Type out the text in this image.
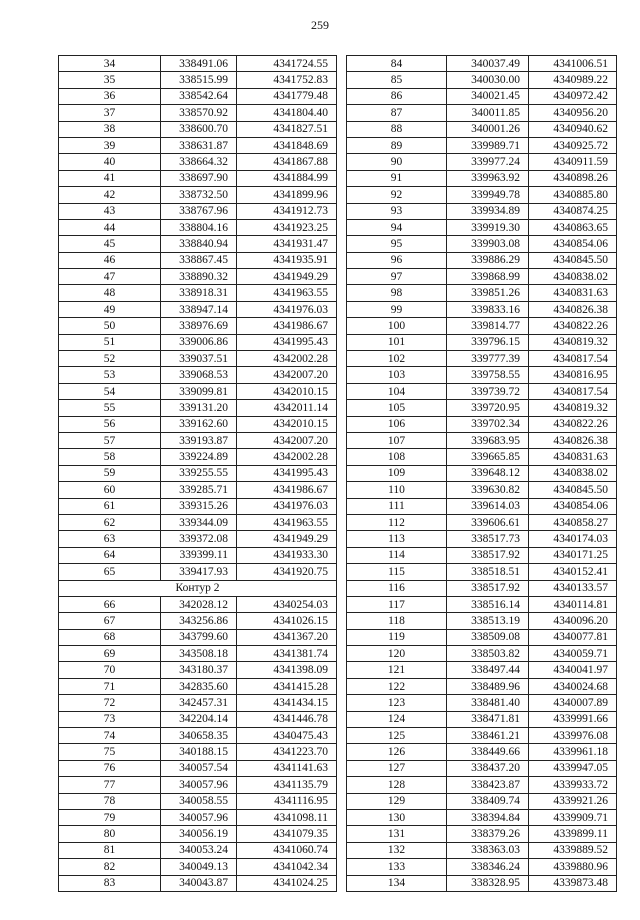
259
34	338491.06	4341724.55
35	338515.99	4341752.83
36	338542.64	4341779.48
37	338570.92	4341804.40
38	338600.70	4341827.51
39	338631.87	4341848.69
40	338664.32	4341867.88
41	338697.90	4341884.99
42	338732.50	4341899.96
43	338767.96	4341912.73
44	338804.16	4341923.25
45	338840.94	4341931.47
46	338867.45	4341935.91
47	338890.32	4341949.29
48	338918.31	4341963.55
49	338947.14	4341976.03
50	338976.69	4341986.67
51	339006.86	4341995.43
52	339037.51	4342002.28
53	339068.53	4342007.20
54	339099.81	4342010.15
55	339131.20	4342011.14
56	339162.60	4342010.15
57	339193.87	4342007.20
58	339224.89	4342002.28
59	339255.55	4341995.43
60	339285.71	4341986.67
61	339315.26	4341976.03
62	339344.09	4341963.55
63	339372.08	4341949.29
64	339399.11	4341933.30
65	339417.93	4341920.75
Контур 2		
66	342028.12	4340254.03
67	343256.86	4341026.15
68	343799.60	4341367.20
69	343508.18	4341381.74
70	343180.37	4341398.09
71	342835.60	4341415.28
72	342457.31	4341434.15
73	342204.14	4341446.78
74	340658.35	4340475.43
75	340188.15	4341223.70
76	340057.54	4341141.63
77	340057.96	4341135.79
78	340058.55	4341116.95
79	340057.96	4341098.11
80	340056.19	4341079.35
81	340053.24	4341060.74
82	340049.13	4341042.34
83	340043.87	4341024.25
84	340037.49	4341006.51
85	340030.00	4340989.22
86	340021.45	4340972.42
87	340011.85	4340956.20
88	340001.26	4340940.62
89	339989.71	4340925.72
90	339977.24	4340911.59
91	339963.92	4340898.26
92	339949.78	4340885.80
93	339934.89	4340874.25
94	339919.30	4340863.65
95	339903.08	4340854.06
96	339886.29	4340845.50
97	339868.99	4340838.02
98	339851.26	4340831.63
99	339833.16	4340826.38
100	339814.77	4340822.26
101	339796.15	4340819.32
102	339777.39	4340817.54
103	339758.55	4340816.95
104	339739.72	4340817.54
105	339720.95	4340819.32
106	339702.34	4340822.26
107	339683.95	4340826.38
108	339665.85	4340831.63
109	339648.12	4340838.02
110	339630.82	4340845.50
111	339614.03	4340854.06
112	339606.61	4340858.27
113	338517.73	4340174.03
114	338517.92	4340171.25
115	338518.51	4340152.41
116	338517.92	4340133.57
117	338516.14	4340114.81
118	338513.19	4340096.20
119	338509.08	4340077.81
120	338503.82	4340059.71
121	338497.44	4340041.97
122	338489.96	4340024.68
123	338481.40	4340007.89
124	338471.81	4339991.66
125	338461.21	4339976.08
126	338449.66	4339961.18
127	338437.20	4339947.05
128	338423.87	4339933.72
129	338409.74	4339921.26
130	338394.84	4339909.71
131	338379.26	4339899.11
132	338363.03	4339889.52
133	338346.24	4339880.96
134	338328.95	4339873.48
